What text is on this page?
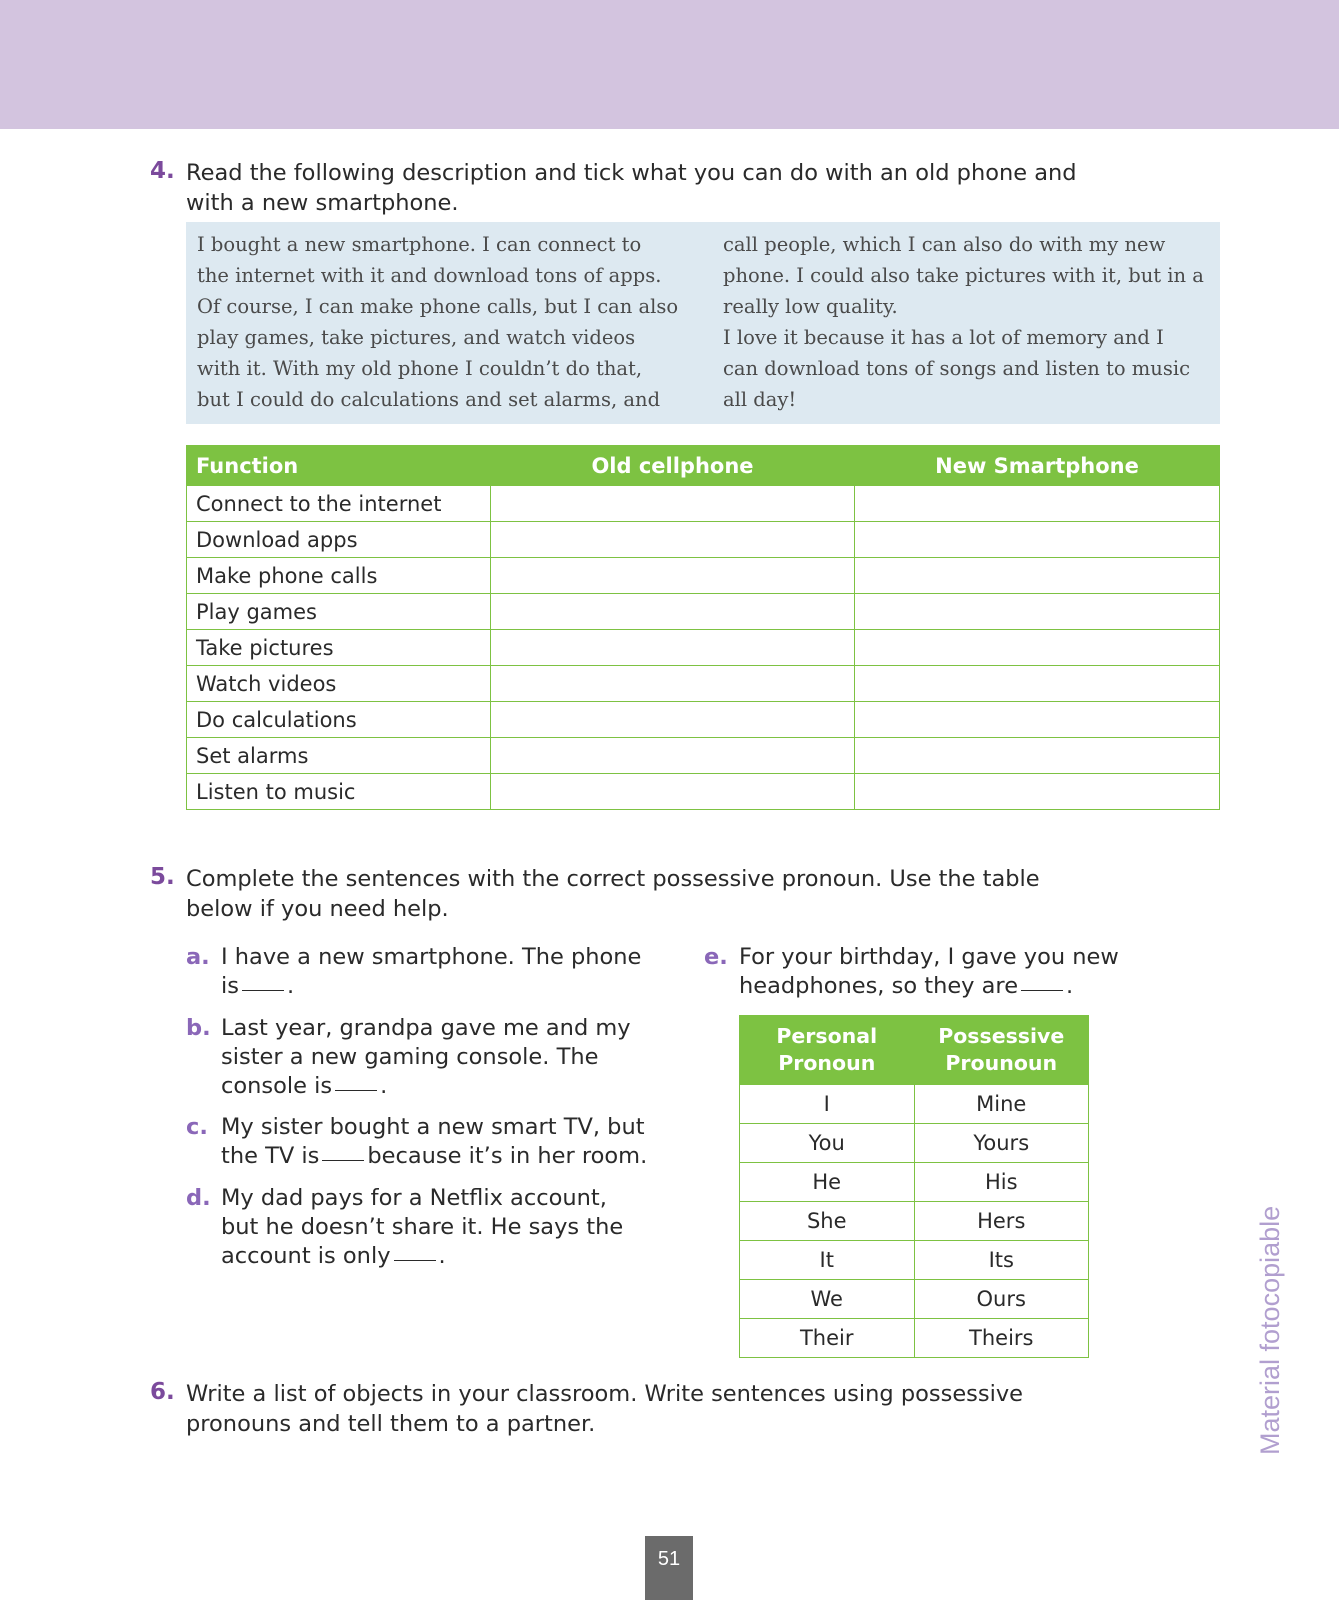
4. Read the following description and tick what you can do with an old phone and
with a new smartphone.
I bought a new smartphone. I can connect to
the internet with it and download tons of apps.
Of course, I can make phone calls, but I can also
play games, take pictures, and watch videos
with it. With my old phone I couldn’t do that,
but I could do calculations and set alarms, and
call people, which I can also do with my new
phone. I could also take pictures with it, but in a
really low quality.
I love it because it has a lot of memory and I
can download tons of songs and listen to music
all day!
Function	Old cellphone	New Smartphone
Connect to the internet		
Download apps		
Make phone calls		
Play games		
Take pictures		
Watch videos		
Do calculations		
Set alarms		
Listen to music		
5. Complete the sentences with the correct possessive pronoun. Use the table
below if you need help.
a. I have a new smartphone. The phone
is .
b. Last year, grandpa gave me and my
sister a new gaming console. The
console is .
c. My sister bought a new smart TV, but
the TV is because it’s in her room.
d. My dad pays for a Netflix account,
but he doesn’t share it. He says the
account is only .
e. For your birthday, I gave you new
headphones, so they are .
Personal Pronoun	Possessive Prounoun
I	Mine
You	Yours
He	His
She	Hers
It	Its
We	Ours
Their	Theirs
6. Write a list of objects in your classroom. Write sentences using possessive
pronouns and tell them to a partner.	Material fotocopiable
51
